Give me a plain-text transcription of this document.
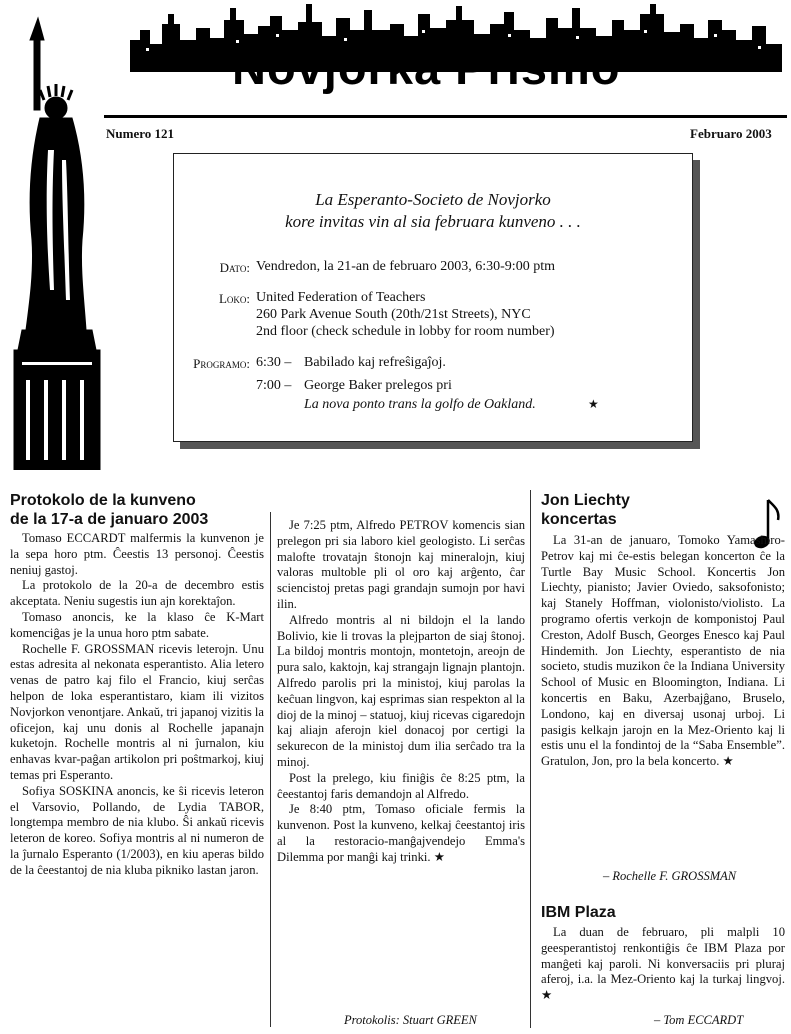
Novjorka Prismo
Numero 121	Februaro 2003
La Esperanto-Societo de Novjorko
kore invitas vin al sia februara kunveno . . .
Dato: Vendredon, la 21-an de februaro 2003, 6:30-9:00 ptm
Loko: United Federation of Teachers
260 Park Avenue South (20th/21st Streets), NYC
2nd floor (check schedule in lobby for room number)
Programo: 6:30 – Babilado kaj refreŝigaĵoj.
7:00 – George Baker prelegos pri
La nova ponto trans la golfo de Oakland.	★
Protokolo de la kunveno
de la 17-a de januaro 2003

Tomaso ECCARDT malfermis la kunvenon je la sepa horo ptm. Ĉeestis 13 personoj. Ĉeestis neniuj gastoj.

La protokolo de la 20-a de decembro estis akceptata. Neniu sugestis iun ajn korektaĵon.

Tomaso anoncis, ke la klaso ĉe K-Mart komenciĝas je la unua horo ptm sabate.

Rochelle F. GROSSMAN ricevis leterojn. Unu estas adresita al nekonata esperantisto. Alia letero venas de patro kaj filo el Francio, kiuj serĉas helpon de loka esperantistaro, kiam ili vizitos Novjorkon venontjare. Ankaŭ, tri japanoj vizitis la oficejon, kaj unu donis al Rochelle japanajn kuketojn. Rochelle montris al ni ĵurnalon, kiu enhavas kvar-paĝan artikolon pri poŝtmarkoj, kiuj temas pri Esperanto.

Sofiya SOSKINA anoncis, ke ŝi ricevis leteron el Varsovio, Pollando, de Lydia TABOR, longtempa membro de nia klubo. Ŝi ankaŭ ricevis leteron de koreo. Sofiya montris al ni numeron de la ĵurnalo Esperanto (1/2003), en kiu aperas bildo de la ĉeestantoj de nia kluba pikniko lastan jaron.

Je 7:25 ptm, Alfredo PETROV komencis sian prelegon pri sia laboro kiel geologisto. Li serĉas malofte trovatajn ŝtonojn kaj mineralojn, kiuj valoras multoble pli ol oro kaj arĝento, ĉar sciencistoj pretas pagi grandajn sumojn por havi ilin.

Alfredo montris al ni bildojn el la lando Bolivio, kie li trovas la plejparton de siaj ŝtonoj. La bildoj montris montojn, montetojn, areojn de pura salo, kaktojn, kaj strangajn lignajn plantojn. Alfredo parolis pri la ministoj, kiuj parolas la keĉuan lingvon, kaj esprimas sian respekton al la dioj de la minoj – statuoj, kiuj ricevas cigaredojn kaj aliajn aferojn kiel donacoj por certigi la sekurecon de la ministoj dum ilia serĉado tra la minoj.

Post la prelego, kiu finiĝis ĉe 8:25 ptm, la ĉeestantoj faris demandojn al Alfredo.

Je 8:40 ptm, Tomaso oficiale fermis la kunvenon. Post la kunveno, kelkaj ĉeestantoj iris al la restoracio-manĝajvendejo Emma's Dilemma por manĝi kaj trinki. ★

Protokolis: Stuart GREEN
Jon Liechty
koncertas

La 31-an de januaro, Tomoko Yamashiro-Petrov kaj mi ĉe-estis belegan koncerton ĉe la Turtle Bay Music School. Koncertis Jon Liechty, pianisto; Javier Oviedo, saksofonisto; kaj Stanely Hoffman, violonisto/violisto. La programo ofertis verkojn de komponistoj Paul Creston, Adolf Busch, Georges Enesco kaj Paul Hindemith. Jon Liechty, esperantisto de nia societo, studis muzikon ĉe la Indiana University School of Music en Bloomington, Indiana. Li koncertis en Baku, Azerbajĝano, Bruselo, Londono, kaj en diversaj usonaj urboj. Li pasigis kelkajn jarojn en la Mez-Oriento kaj li estis unu el la fondintoj de la “Saba Ensemble”. Gratulon, Jon, pro la bela koncerto. ★

– Rochelle F. GROSSMAN
IBM Plaza

La duan de februaro, pli malpli 10 geesperantistoj renkontiĝis ĉe IBM Plaza por manĝeti kaj paroli. Ni konversaciis pri pluraj aferoj, i.a. la Mez-Oriento kaj la turkaj lingvoj. ★

– Tom ECCARDT
